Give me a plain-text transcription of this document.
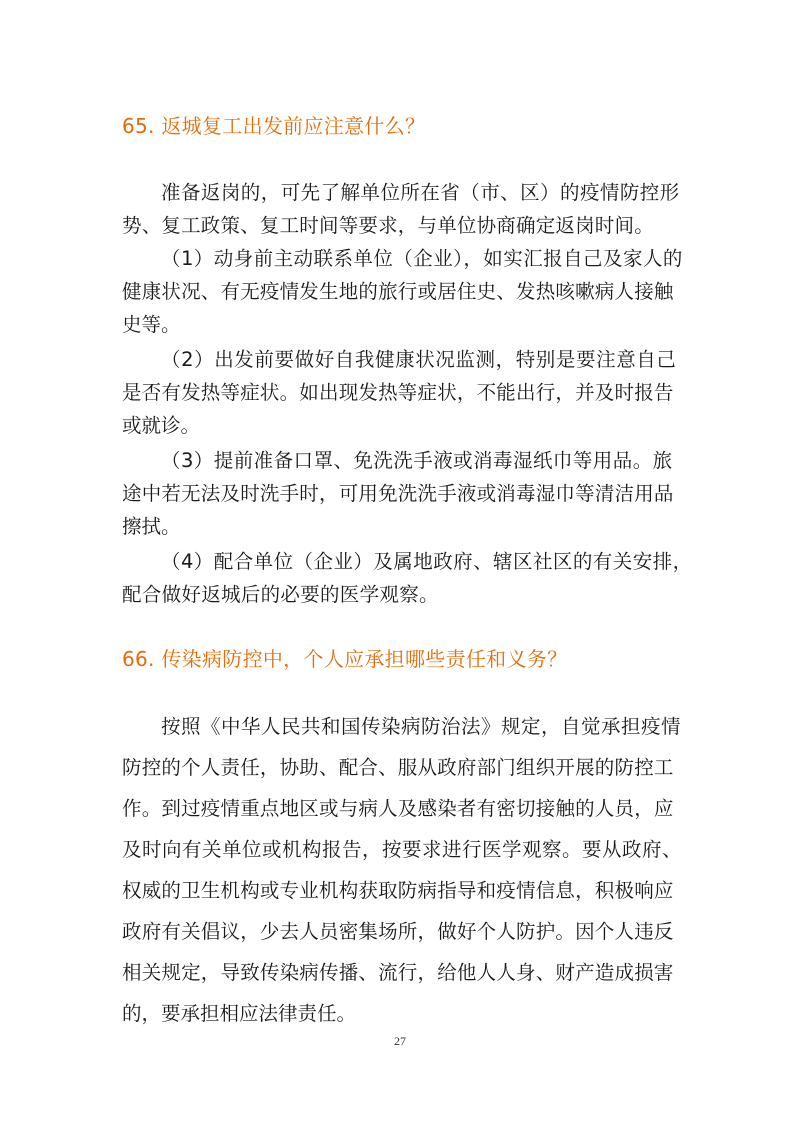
65. 返城复工出发前应注意什么？

准备返岗的，可先了解单位所在省（市、区）的疫情防控形

势、复工政策、复工时间等要求，与单位协商确定返岗时间。

（1）动身前主动联系单位（企业），如实汇报自己及家人的

健康状况、有无疫情发生地的旅行或居住史、发热咳嗽病人接触

史等。

（2）出发前要做好自我健康状况监测，特别是要注意自己

是否有发热等症状。如出现发热等症状，不能出行，并及时报告

或就诊。

（3）提前准备口罩、免洗洗手液或消毒湿纸巾等用品。旅

途中若无法及时洗手时，可用免洗洗手液或消毒湿巾等清洁用品

擦拭。

（4）配合单位（企业）及属地政府、辖区社区的有关安排，

配合做好返城后的必要的医学观察。

66. 传染病防控中，个人应承担哪些责任和义务？

按照《中华人民共和国传染病防治法》规定，自觉承担疫情

防控的个人责任，协助、配合、服从政府部门组织开展的防控工

作。到过疫情重点地区或与病人及感染者有密切接触的人员，应

及时向有关单位或机构报告，按要求进行医学观察。要从政府、

权威的卫生机构或专业机构获取防病指导和疫情信息，积极响应

政府有关倡议，少去人员密集场所，做好个人防护。因个人违反

相关规定，导致传染病传播、流行，给他人人身、财产造成损害

27

的，要承担相应法律责任。
